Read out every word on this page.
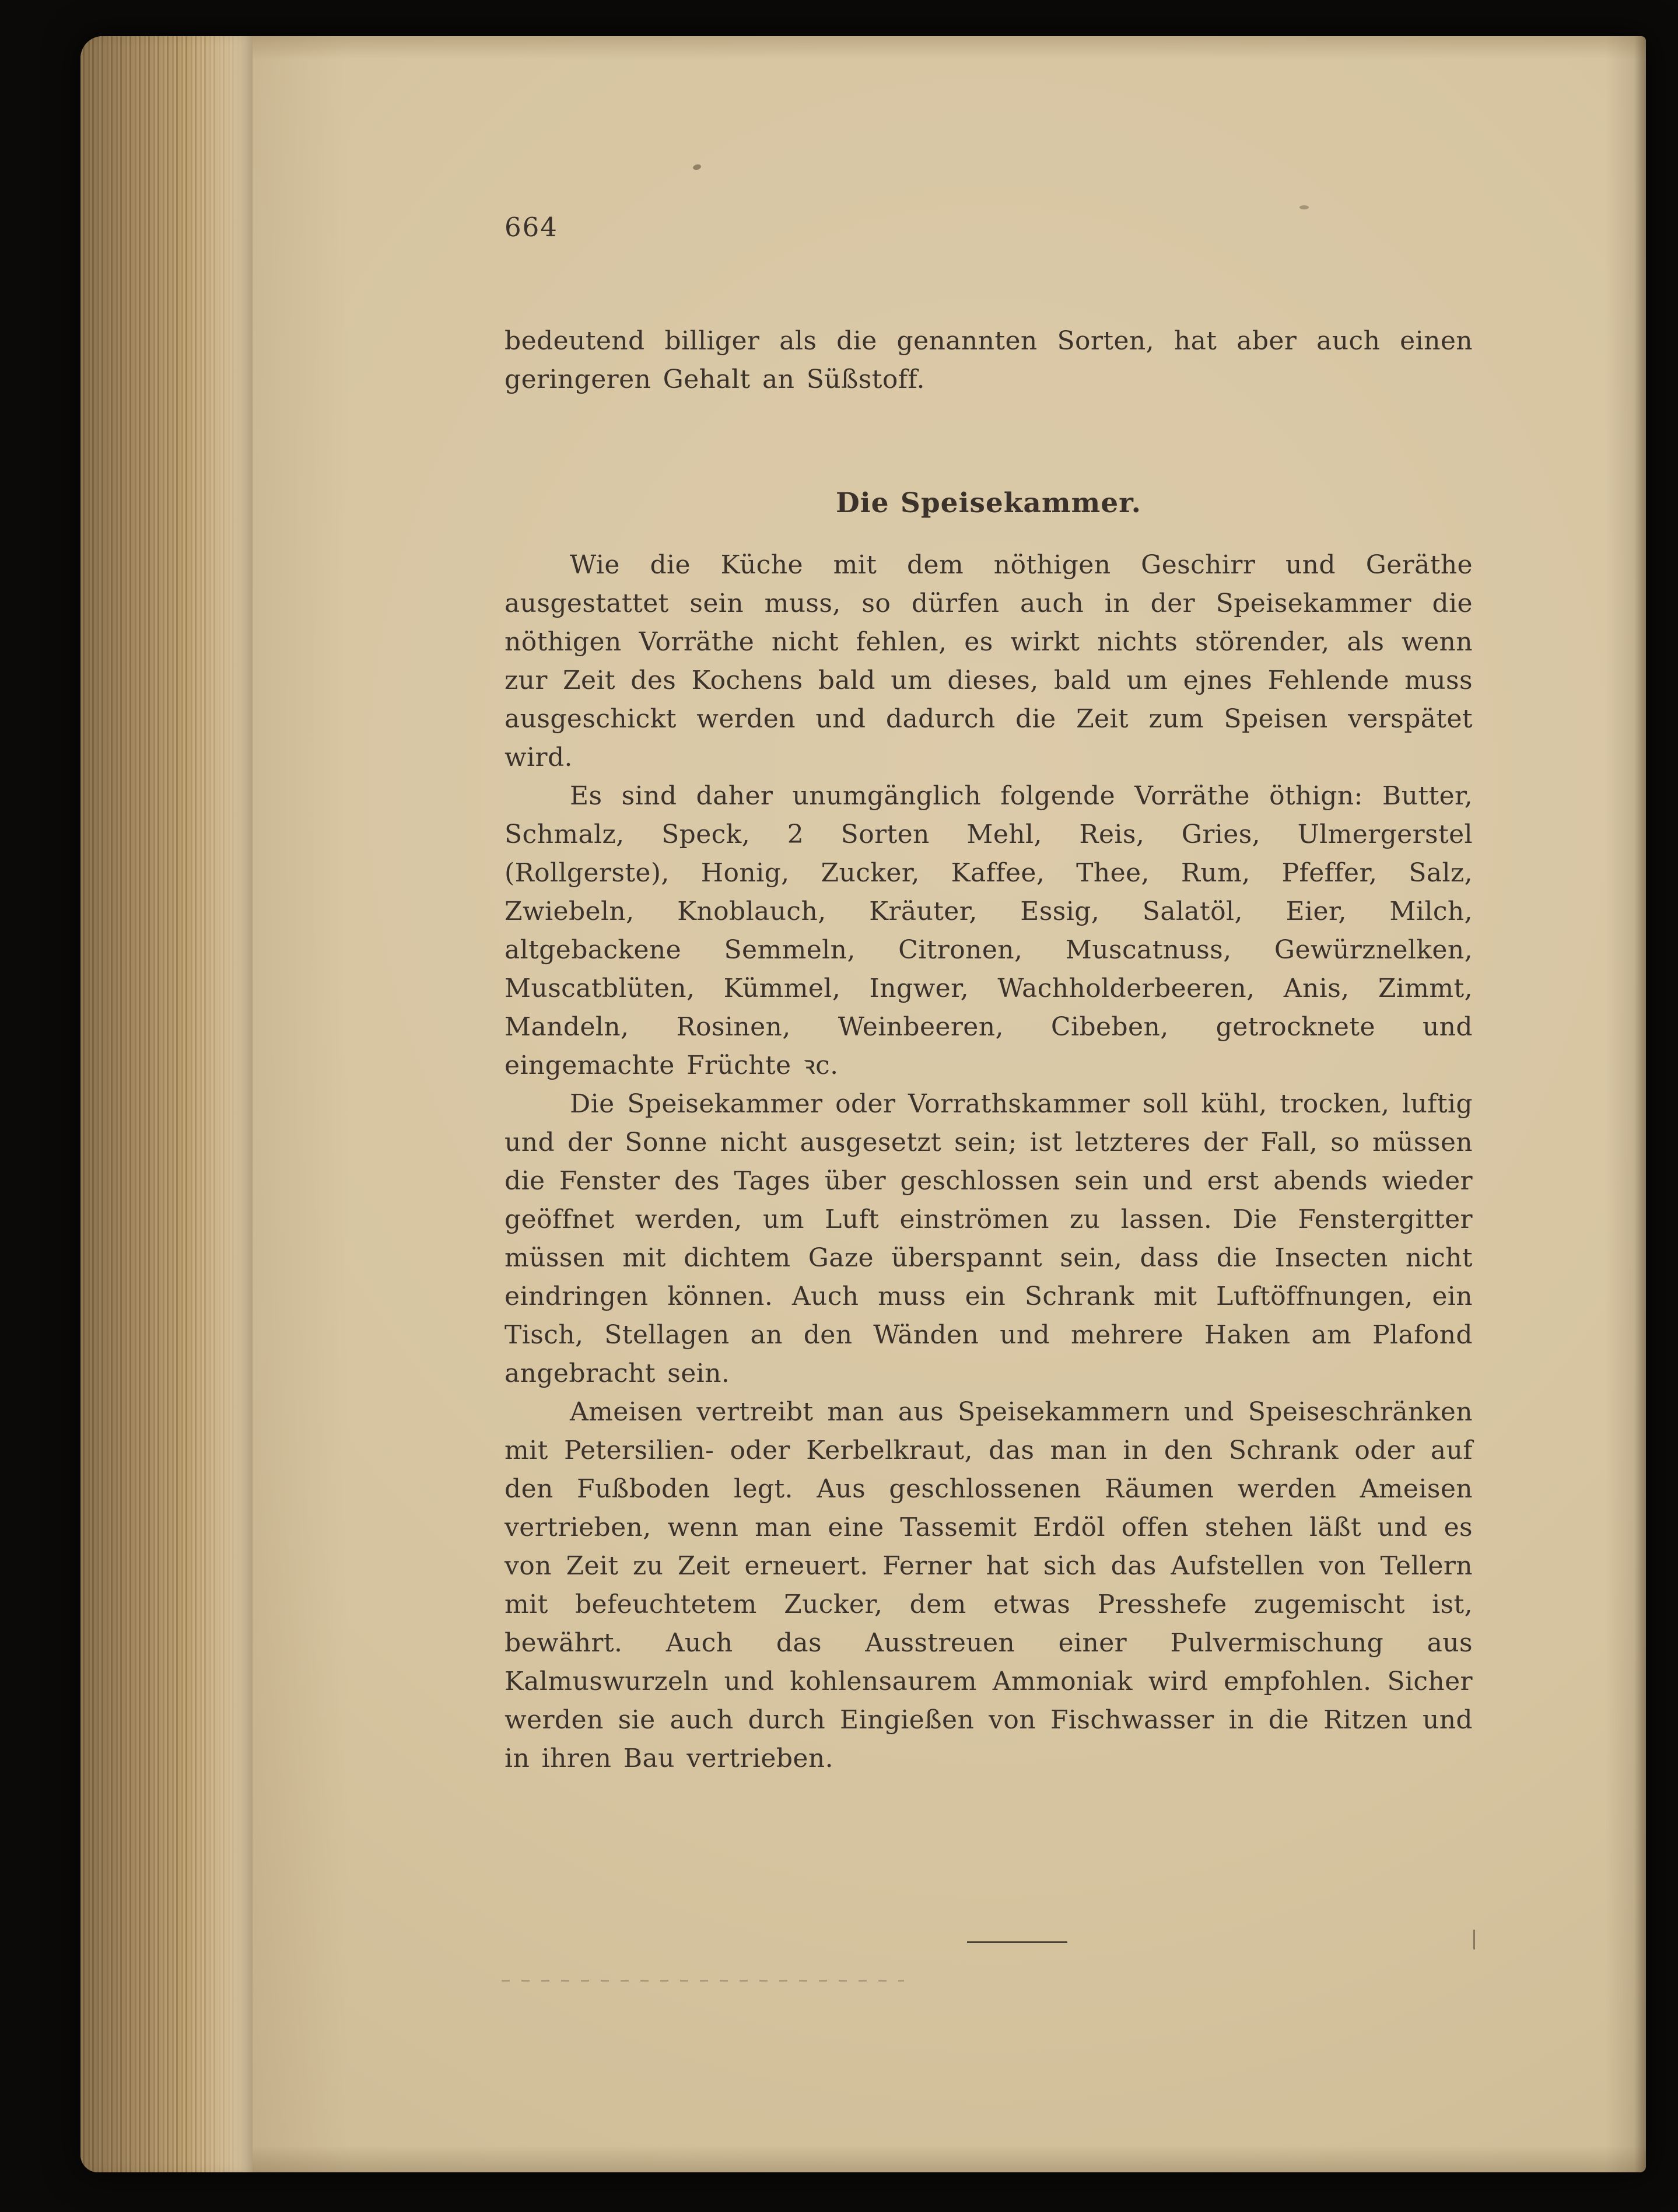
664

bedeutend billiger als die genannten Sorten, hat aber auch einen geringeren Gehalt an Süßstoff.

Die Speisekammer.

Wie die Küche mit dem nöthigen Geschirr und Geräthe ausgestattet sein muss, so dürfen auch in der Speisekammer die nöthigen Vorräthe nicht fehlen, es wirkt nichts störender, als wenn zur Zeit des Kochens bald um dieses, bald um ejnes Fehlende muss ausgeschickt werden und dadurch die Zeit zum Speisen verspätet wird.

Es sind daher unumgänglich folgende Vorräthe öthign: Butter, Schmalz, Speck, 2 Sorten Mehl, Reis, Gries, Ulmergerstel (Rollgerste), Honig, Zucker, Kaffee, Thee, Rum, Pfeffer, Salz, Zwiebeln, Knoblauch, Kräuter, Essig, Salatöl, Eier, Milch, altgebackene Semmeln, Citronen, Muscatnuss, Gewürznelken, Muscatblüten, Kümmel, Ingwer, Wachholderbeeren, Anis, Zimmt, Mandeln, Rosinen, Weinbeeren, Cibeben, getrocknete und eingemachte Früchte ꝛc.

Die Speisekammer oder Vorrathskammer soll kühl, trocken, luftig und der Sonne nicht ausgesetzt sein; ist letzteres der Fall, so müssen die Fenster des Tages über geschlossen sein und erst abends wieder geöffnet werden, um Luft einströmen zu lassen. Die Fenstergitter müssen mit dichtem Gaze überspannt sein, dass die Insecten nicht eindringen können. Auch muss ein Schrank mit Luftöffnungen, ein Tisch, Stellagen an den Wänden und mehrere Haken am Plafond angebracht sein.

Ameisen vertreibt man aus Speisekammern und Speiseschränken mit Petersilien- oder Kerbelkraut, das man in den Schrank oder auf den Fußboden legt. Aus geschlossenen Räumen werden Ameisen vertrieben, wenn man eine Tassemit Erdöl offen stehen läßt und es von Zeit zu Zeit erneuert. Ferner hat sich das Aufstellen von Tellern mit befeuchtetem Zucker, dem etwas Presshefe zugemischt ist, bewährt. Auch das Ausstreuen einer Pulvermischung aus Kalmuswurzeln und kohlensaurem Ammoniak wird empfohlen. Sicher werden sie auch durch Eingießen von Fischwasser in die Ritzen und in ihren Bau vertrieben.
